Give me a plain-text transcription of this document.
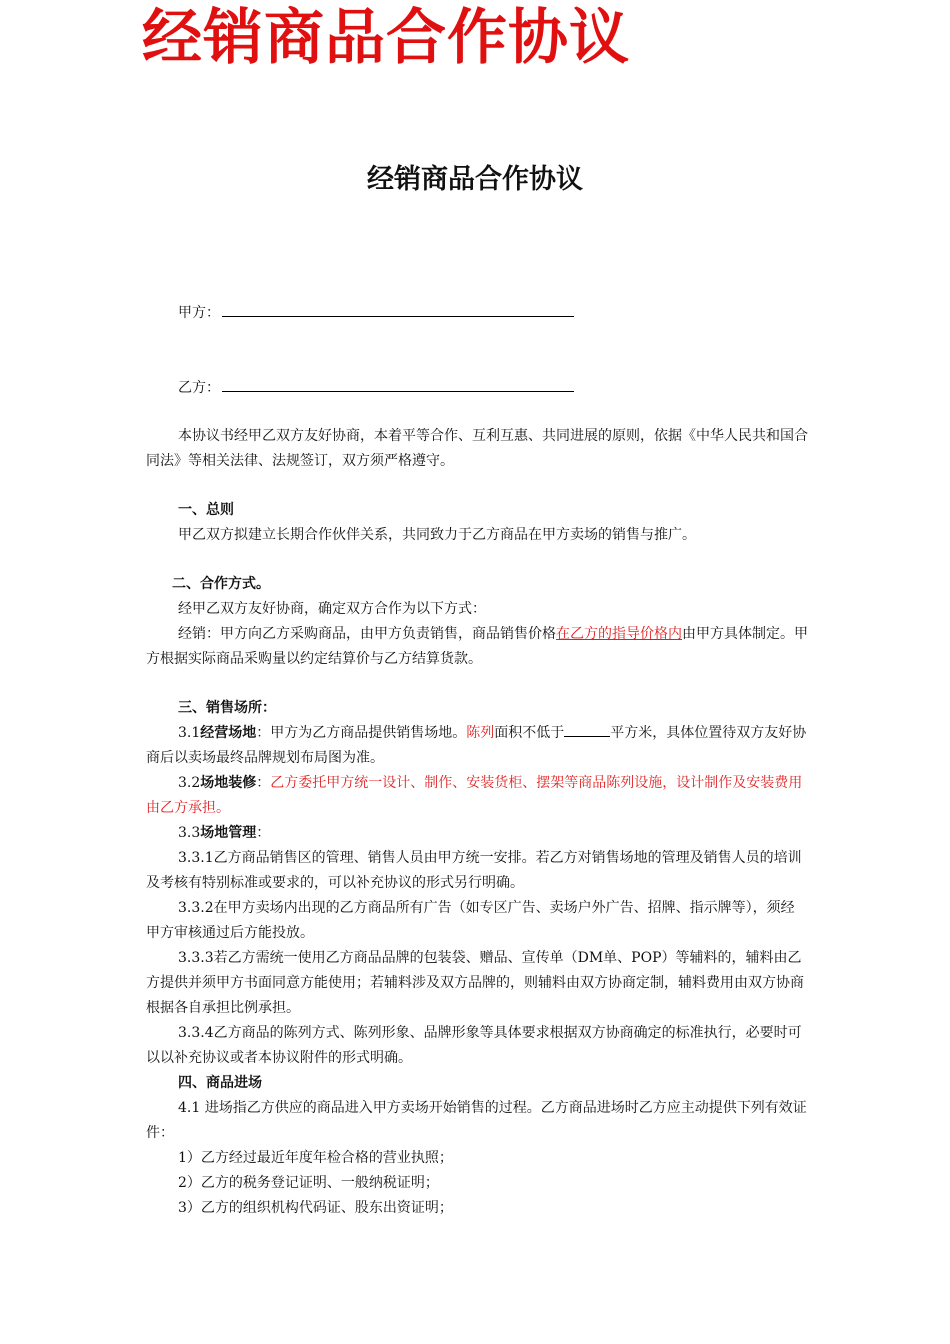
经销商品合作协议
经销商品合作协议
甲方：
乙方：

本协议书经甲乙双方友好协商，本着平等合作、互利互惠、共同进展的原则，依据《中华人民共和国合同法》等相关法律、法规签订，双方须严格遵守。

一、总则

甲乙双方拟建立长期合作伙伴关系，共同致力于乙方商品在甲方卖场的销售与推广。

二、合作方式。

经甲乙双方友好协商，确定双方合作为以下方式：

经销：甲方向乙方采购商品，由甲方负责销售，商品销售价格在乙方的指导价格内由甲方具体制定。甲方根据实际商品采购量以约定结算价与乙方结算货款。

三、销售场所：

3.1经营场地：甲方为乙方商品提供销售场地。陈列面积不低于	平方米，具体位置待双方友好协商后以卖场最终品牌规划布局图为准。

3.2场地装修：乙方委托甲方统一设计、制作、安装货柜、摆架等商品陈列设施，设计制作及安装费用由乙方承担。

3.3场地管理：

3.3.1乙方商品销售区的管理、销售人员由甲方统一安排。若乙方对销售场地的管理及销售人员的培训及考核有特别标准或要求的，可以补充协议的形式另行明确。

3.3.2在甲方卖场内出现的乙方商品所有广告（如专区广告、卖场户外广告、招牌、指示牌等），须经甲方审核通过后方能投放。

3.3.3若乙方需统一使用乙方商品品牌的包装袋、赠品、宣传单（DM单、POP）等辅料的，辅料由乙方提供并须甲方书面同意方能使用；若辅料涉及双方品牌的，则辅料由双方协商定制，辅料费用由双方协商根据各自承担比例承担。

3.3.4乙方商品的陈列方式、陈列形象、品牌形象等具体要求根据双方协商确定的标准执行，必要时可以以补充协议或者本协议附件的形式明确。

四、商品进场

4.1 进场指乙方供应的商品进入甲方卖场开始销售的过程。乙方商品进场时乙方应主动提供下列有效证件：

1）乙方经过最近年度年检合格的营业执照；

2）乙方的税务登记证明、一般纳税证明；

3）乙方的组织机构代码证、股东出资证明；
